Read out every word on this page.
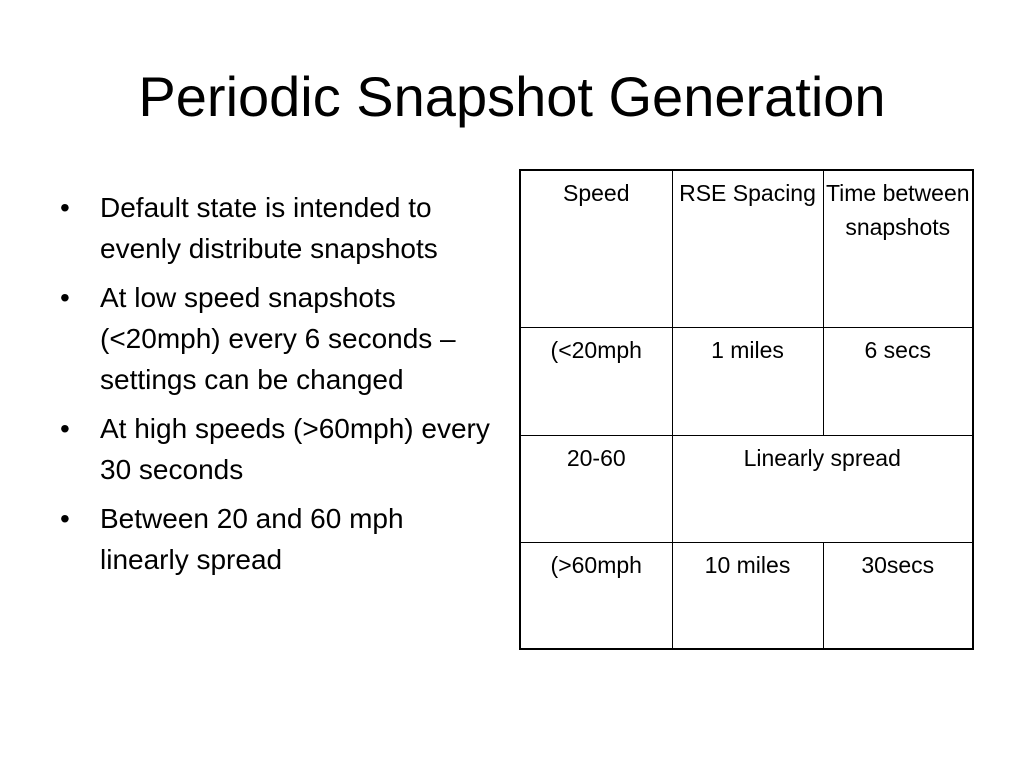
Periodic Snapshot Generation
•	Default state is intended to evenly distribute snapshots
•	At low speed snapshots (<20mph) every 6 seconds – settings can be changed
•	At high speeds (>60mph) every 30 seconds
•	Between 20 and 60 mph linearly spread
Speed	RSE Spacing	Time between snapshots
(<20mph	1 miles	6 secs
20-60	Linearly spread	
(>60mph	10 miles	30secs
